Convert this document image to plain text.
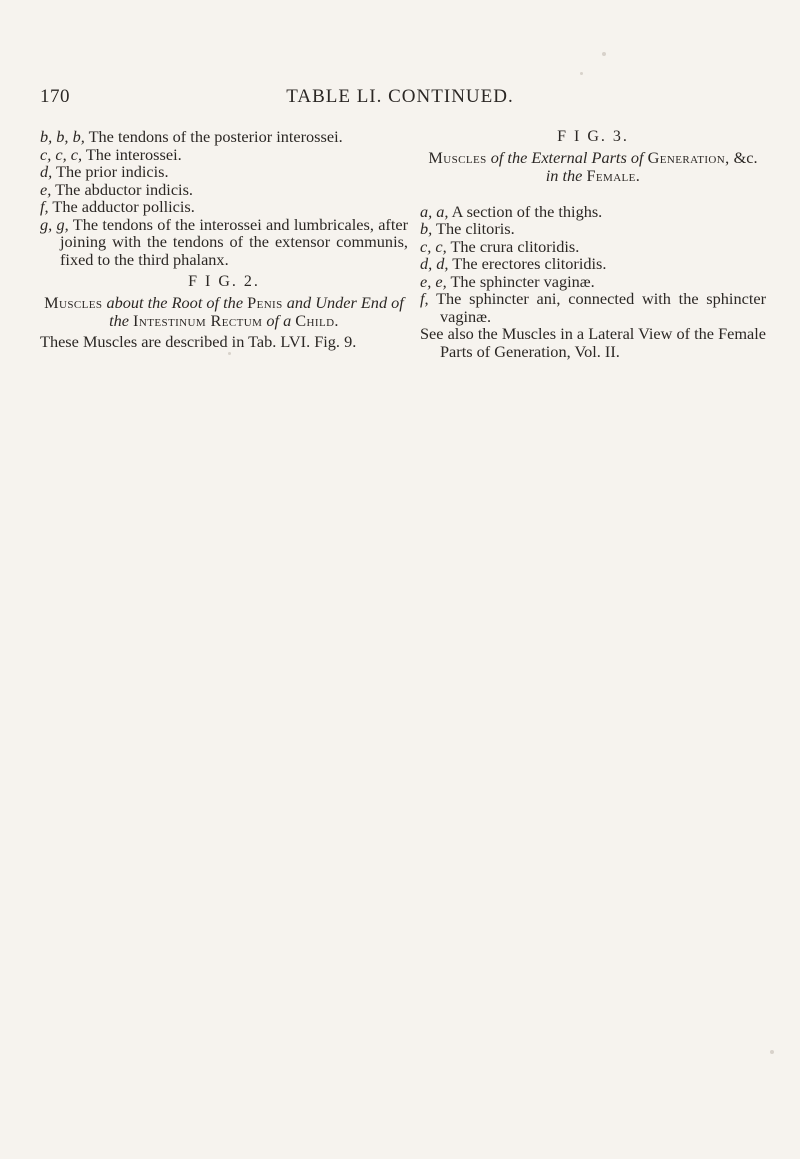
170	TABLE LI. CONTINUED.

b, b, b, The tendons of the posterior interossei.

c, c, c, The interossei.

d, The prior indicis.

e, The abductor indicis.

f, The adductor pollicis.

g, g, The tendons of the interossei and lumbricales, after joining with the tendons of the extensor communis, fixed to the third phalanx.

F I G. 2.

Muscles about the Root of the Penis and Under End of the Intestinum Rectum of a Child.

These Muscles are described in Tab. LVI. Fig. 9.

F I G. 3.

Muscles of the External Parts of Generation, &c.
in the Female.

a, a, A section of the thighs.

b, The clitoris.

c, c, The crura clitoridis.

d, d, The erectores clitoridis.

e, e, The sphincter vaginæ.

f, The sphincter ani, connected with the sphincter vaginæ.

See also the Muscles in a Lateral View of the Female Parts of Generation, Vol. II.
